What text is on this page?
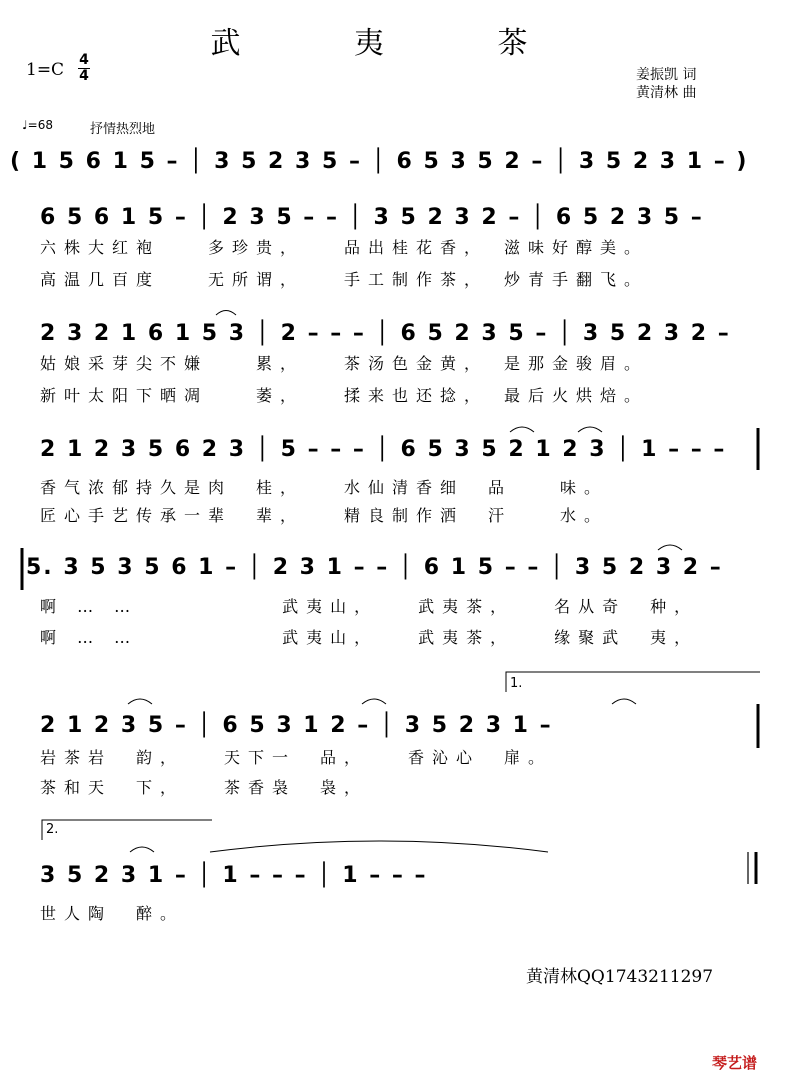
武 夷 茶
1=C 4
4	姜振凯 词
黄清林 曲
♩=68	抒情热烈地
( 1 5 6 1 5 – │ 3 5 2 3 5 – │ 6 5 3 5 2 – │ 3 5 2 3 1 – )
6 5 6 1 5 – │ 2 3 5 – – │ 3 5 2 3 2 – │ 6 5 2 3 5 –
六株大红袍　　多珍贵，　　品出桂花香，　滋味好醇美。
高温几百度　　无所谓，　　手工制作茶，　炒青手翻飞。
2 3 2 1 6 1 5 3 │ 2 – – – │ 6 5 2 3 5 – │ 3 5 2 3 2 –
姑娘采芽尖不嫌　　累，　　茶汤色金黄，　是那金骏眉。
新叶太阳下晒凋　　萎，　　揉来也还捻，　最后火烘焙。
2 1 2 3 5 6 2 3 │ 5 – – – │ 6 5 3 5 2 1 2 3 │ 1 – – –
香气浓郁持久是肉　桂，　　水仙清香细　品　　味。
匠心手艺传承一辈　辈，　　精良制作洒　汗　　水。
5. 3 5 3 5 6 1 – │ 2 3 1 – – │ 6 1 5 – – │ 3 5 2 3 2 –
啊 … …　　　　　　武夷山，　　武夷茶，　　名从奇　种，
啊 … …　　　　　　武夷山，　　武夷茶，　　缘聚武　夷，
1.
2 1 2 3 5 – │ 6 5 3 1 2 – │ 3 5 2 3 1 –
岩茶岩　韵，　　天下一　品，　　香沁心　扉。
茶和天　下，　　茶香袅　袅，
2.
3 5 2 3 1 – │ 1 – – – │ 1 – – –
世人陶　醉。
黄清林QQ1743211297
琴艺谱
